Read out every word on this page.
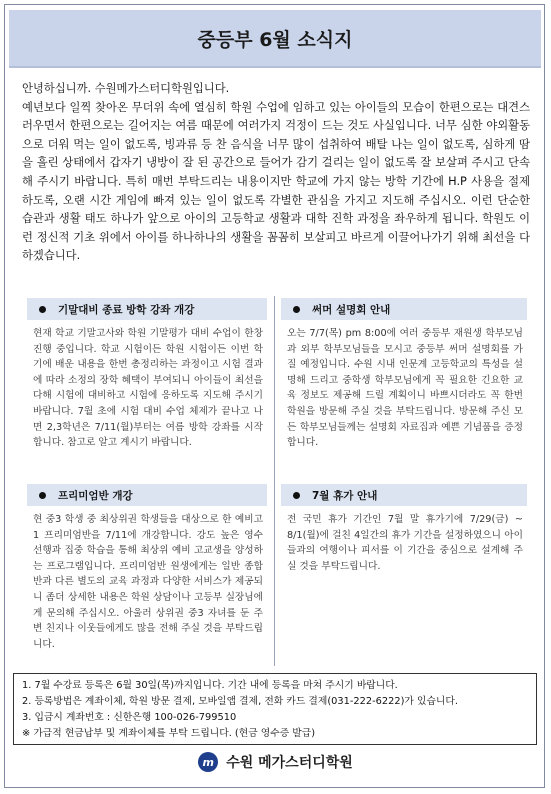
중등부 6월 소식지

안녕하십니까. 수원메가스터디학원입니다.

예년보다 일찍 찾아온 무더위 속에 열심히 학원 수업에 임하고 있는 아이들의 모습이 한편으로는 대견스러우면서 한편으로는 길어지는 여름 때문에 여러가지 걱정이 드는 것도 사실입니다. 너무 심한 야외활동으로 더워 먹는 일이 없도록, 빙과류 등 찬 음식을 너무 많이 섭취하여 배탈 나는 일이 없도록, 심하게 땀을 흘린 상태에서 갑자기 냉방이 잘 된 공간으로 들어가 감기 걸리는 일이 없도록 잘 보살펴 주시고 단속해 주시기 바랍니다. 특히 매번 부탁드리는 내용이지만 학교에 가지 않는 방학 기간에 H.P 사용을 절제하도록, 오랜 시간 게임에 빠져 있는 일이 없도록 각별한 관심을 가지고 지도해 주십시오. 이런 단순한 습관과 생활 태도 하나가 앞으로 아이의 고등학교 생활과 대학 진학 과정을 좌우하게 됩니다. 학원도 이런 정신적 기초 위에서 아이를 하나하나의 생활을 꼼꼼히 보살피고 바르게 이끌어나가기 위해 최선을 다하겠습니다.

기말대비 종료 방학 강좌 개강
현재 학교 기말고사와 학원 기말평가 대비 수업이 한창 진행 중입니다. 학교 시험이든 학원 시험이든 이번 학기에 배운 내용을 한번 총정리하는 과정이고 시험 결과에 따라 소정의 장학 혜택이 부여되니 아이들이 최선을 다해 시험에 대비하고 시험에 응하도록 지도해 주시기 바랍니다. 7월 초에 시험 대비 수업 체제가 끝나고 나면 2,3학년은 7/11(월)부터는 여름 방학 강좌를 시작합니다. 참고로 알고 계시기 바랍니다.
써머 설명회 안내
오는 7/7(목) pm 8:00에 여러 중등부 재원생 학부모님과 외부 학부모님들을 모시고 중등부 써머 설명회를 가질 예정입니다. 수원 시내 인문계 고등학교의 특성을 설명해 드리고 중학생 학부모님에게 꼭 필요한 긴요한 교육 정보도 제공해 드릴 계획이니 바쁘시더라도 꼭 한번 학원을 방문해 주실 것을 부탁드립니다. 방문해 주신 모든 학부모님들께는 설명회 자료집과 예쁜 기념품을 증정합니다.
프리미엄반 개강
현 중3 학생 중 최상위권 학생들을 대상으로 한 예비고1 프리미엄반을 7/11에 개강합니다. 강도 높은 영수 선행과 집중 학습을 통해 최상위 예비 고교생을 양성하는 프로그램입니다. 프리미엄반 원생에게는 일반 종합반과 다른 별도의 교육 과정과 다양한 서비스가 제공되니 좀더 상세한 내용은 학원 상담이나 고등부 실장님에게 문의해 주십시오. 아울러 상위권 중3 자녀를 둔 주변 친지나 이웃들에게도 많을 전해 주실 것을 부탁드립니다.
7월 휴가 안내
전 국민 휴가 기간인 7월 말 휴가기에 7/29(금) ~ 8/1(월)에 걸친 4일간의 휴가 기간을 설정하였으니 아이들과의 여행이나 피서를 이 기간을 중심으로 설계해 주실 것을 부탁드립니다.
1. 7월 수강료 등록은 6월 30일(목)까지입니다. 기간 내에 등록을 마쳐 주시기 바랍니다.
2. 등록방법은 계좌이체, 학원 방문 결제, 모바일앱 결제, 전화 카드 결제(031-222-6222)가 있습니다.
3. 입금시 계좌번호 : 신한은행 100-026-799510
※ 가급적 현금납부 및 계좌이체를 부탁 드립니다. (현금 영수증 발급)
m 수원 메가스터디학원
